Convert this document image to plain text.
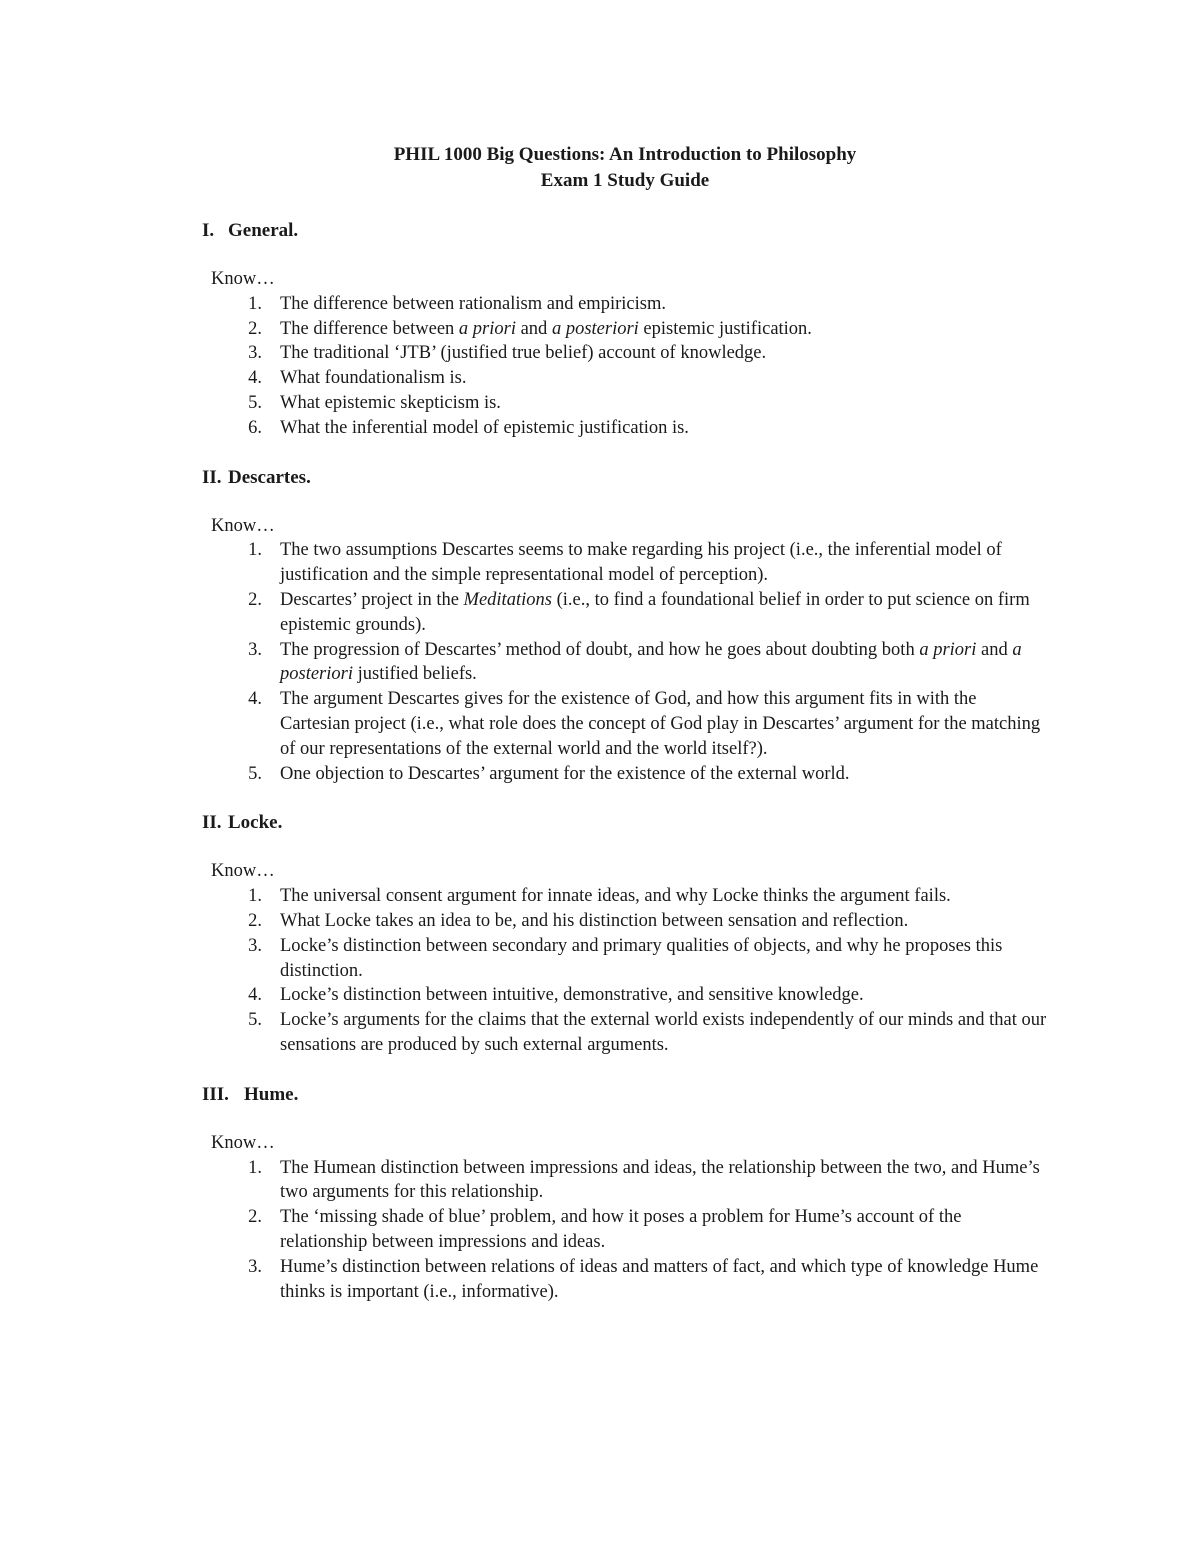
PHIL 1000 Big Questions: An Introduction to Philosophy
Exam 1 Study Guide
I. General.
Know…
1. The difference between rationalism and empiricism.
2. The difference between a priori and a posteriori epistemic justification.
3. The traditional ‘JTB’ (justified true belief) account of knowledge.
4. What foundationalism is.
5. What epistemic skepticism is.
6. What the inferential model of epistemic justification is.
II. Descartes.
Know…
1. The two assumptions Descartes seems to make regarding his project (i.e., the inferential model of justification and the simple representational model of perception).
2. Descartes’ project in the Meditations (i.e., to find a foundational belief in order to put science on firm epistemic grounds).
3. The progression of Descartes’ method of doubt, and how he goes about doubting both a priori and a posteriori justified beliefs.
4. The argument Descartes gives for the existence of God, and how this argument fits in with the Cartesian project (i.e., what role does the concept of God play in Descartes’ argument for the matching of our representations of the external world and the world itself?).
5. One objection to Descartes’ argument for the existence of the external world.
II. Locke.
Know…
1. The universal consent argument for innate ideas, and why Locke thinks the argument fails.
2. What Locke takes an idea to be, and his distinction between sensation and reflection.
3. Locke’s distinction between secondary and primary qualities of objects, and why he proposes this distinction.
4. Locke’s distinction between intuitive, demonstrative, and sensitive knowledge.
5. Locke’s arguments for the claims that the external world exists independently of our minds and that our sensations are produced by such external arguments.
III. Hume.
Know…
1. The Humean distinction between impressions and ideas, the relationship between the two, and Hume’s two arguments for this relationship.
2. The ‘missing shade of blue’ problem, and how it poses a problem for Hume’s account of the relationship between impressions and ideas.
3. Hume’s distinction between relations of ideas and matters of fact, and which type of knowledge Hume thinks is important (i.e., informative).
